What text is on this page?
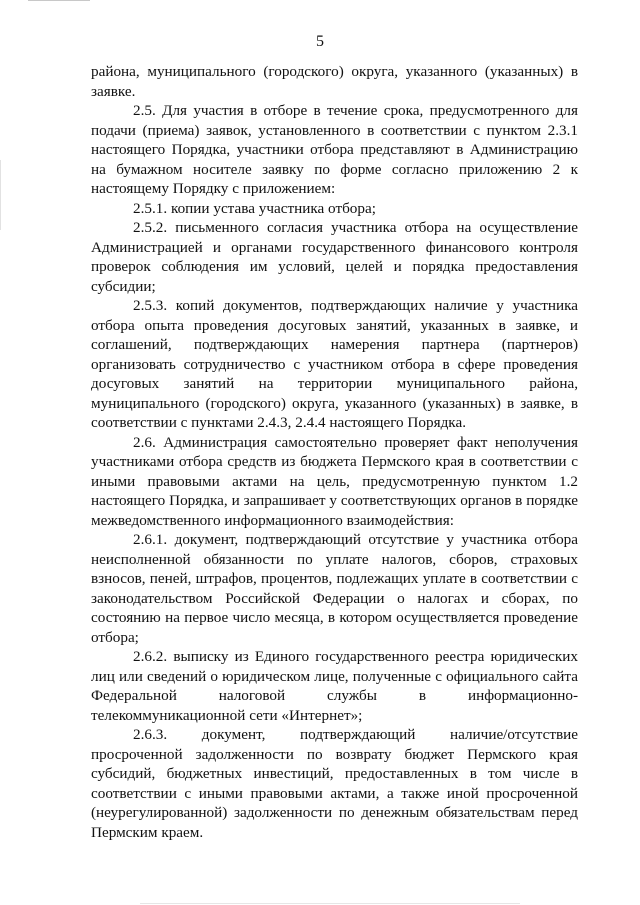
5

района, муниципального (городского) округа, указанного (указанных) в заявке.

2.5. Для участия в отборе в течение срока, предусмотренного для подачи (приема) заявок, установленного в соответствии с пунктом 2.3.1 настоящего Порядка, участники отбора представляют в Администрацию на бумажном носителе заявку по форме согласно приложению 2 к настоящему Порядку с приложением:

2.5.1. копии устава участника отбора;

2.5.2. письменного согласия участника отбора на осуществление Администрацией и органами государственного финансового контроля проверок соблюдения им условий, целей и порядка предоставления субсидии;

2.5.3. копий документов, подтверждающих наличие у участника отбора опыта проведения досуговых занятий, указанных в заявке, и соглашений, подтверждающих намерения партнера (партнеров) организовать сотрудничество с участником отбора в сфере проведения досуговых занятий на территории муниципального района, муниципального (городского) округа, указанного (указанных) в заявке, в соответствии с пунктами 2.4.3, 2.4.4 настоящего Порядка.

2.6. Администрация самостоятельно проверяет факт неполучения участниками отбора средств из бюджета Пермского края в соответствии с иными правовыми актами на цель, предусмотренную пунктом 1.2 настоящего Порядка, и запрашивает у соответствующих органов в порядке межведомственного информационного взаимодействия:

2.6.1. документ, подтверждающий отсутствие у участника отбора неисполненной обязанности по уплате налогов, сборов, страховых взносов, пеней, штрафов, процентов, подлежащих уплате в соответствии с законодательством Российской Федерации о налогах и сборах, по состоянию на первое число месяца, в котором осуществляется проведение отбора;

2.6.2. выписку из Единого государственного реестра юридических лиц или сведений о юридическом лице, полученные с официального сайта Федеральной налоговой службы в информационно-телекоммуникационной сети «Интернет»;

2.6.3. документ, подтверждающий наличие/отсутствие просроченной задолженности по возврату бюджет Пермского края субсидий, бюджетных инвестиций, предоставленных в том числе в соответствии с иными правовыми актами, а также иной просроченной (неурегулированной) задолженности по денежным обязательствам перед Пермским краем.
